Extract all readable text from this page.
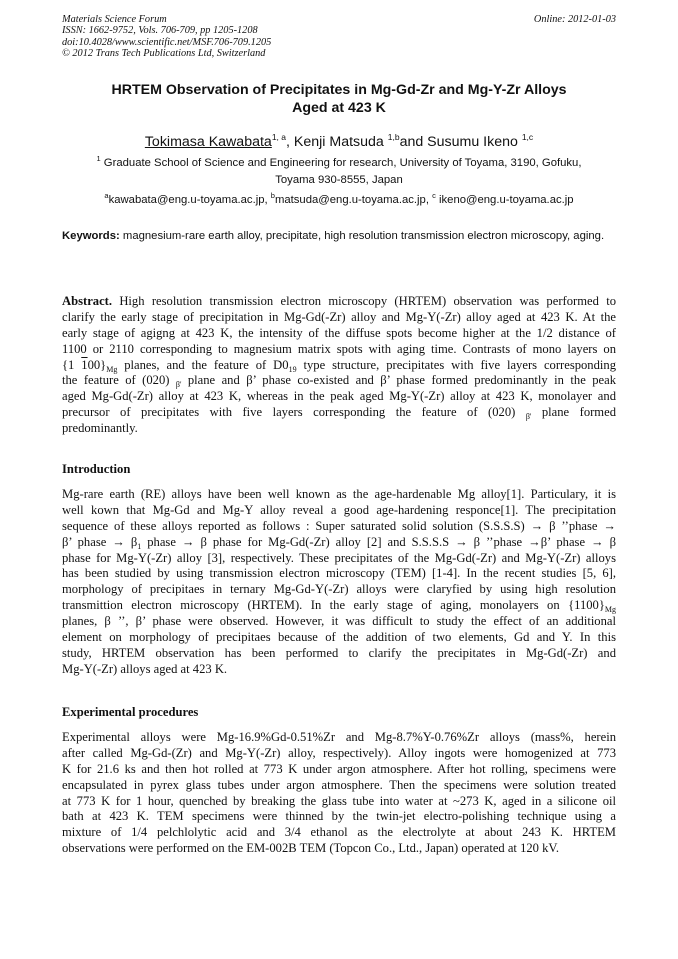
Online: 2012-01-03
Materials Science Forum
ISSN: 1662-9752, Vols. 706-709, pp 1205-1208
doi:10.4028/www.scientific.net/MSF.706-709.1205
© 2012 Trans Tech Publications Ltd, Switzerland
HRTEM Observation of Precipitates in Mg-Gd-Zr and Mg-Y-Zr Alloys
Aged at 423 K
Tokimasa Kawabata$^{1, a}$, Kenji Matsuda $^{1,b}$and Susumu Ikeno $^{1,c}$
$^1$ Graduate School of Science and Engineering for research, University of Toyama, 3190, Gofuku,
Toyama 930-8555, Japan
$^a$kawabata@eng.u-toyama.ac.jp, $^b$matsuda@eng.u-toyama.ac.jp, $^c$ ikeno@eng.u-toyama.ac.jp
Keywords: magnesium-rare earth alloy, precipitate, high resolution transmission electron microscopy, aging.
Abstract. High resolution transmission electron microscopy (HRTEM) observation was performed to
clarify the early stage of precipitation in Mg-Gd(-Zr) alloy and Mg-Y(-Zr) alloy aged at 423 K. At the
early stage of agigng at 423 K, the intensity of the diffuse spots become higher at the 1/2 distance of
1100 or 2110 corresponding to magnesium matrix spots with aging time. Contrasts of mono layers on
{1 $100\}_{Mg}$ planes, and the feature of $D0_{19}$ type structure, precipitates with five layers corresponding
the feature of (020) $_{\beta'}$ plane and β’ phase co-existed and β’ phase formed predominantly in the peak
aged Mg-Gd(-Zr) alloy at 423 K, whereas in the peak aged Mg-Y(-Zr) alloy at 423 K, monolayer and
precursor of precipitates with five layers corresponding the feature of (020) $_{\beta'}$ plane formed
predominantly.
Introduction
Mg-rare earth (RE) alloys have been well known as the age-hardenable Mg alloy[1]. Particulary, it is
well kown that Mg-Gd and Mg-Y alloy reveal a good age-hardening responce[1]. The precipitation
sequence of these alloys reported as follows : Super saturated solid solution (S.S.S.S) → β ’’phase →
β’ phase → $\beta_1$ phase → β phase for Mg-Gd(-Zr) alloy [2] and S.S.S.S → β ’’phase →β’ phase → β
phase for Mg-Y(-Zr) alloy [3], respectively. These precipitates of the Mg-Gd(-Zr) and Mg-Y(-Zr) alloys
has been studied by using transmission electron microscopy (TEM) [1-4]. In the recent studies [5, 6],
morphology of precipitaes in ternary Mg-Gd-Y(-Zr) alloys were claryfied by using high resolution
transmittion electron microscopy (HRTEM). In the early stage of aging, monolayers on $\{1100\}_{Mg}$
planes, β ’’, β’ phase were observed. However, it was difficult to study the effect of an additional
element on morphology of precipitaes because of the addition of two elements, Gd and Y. In this
study, HRTEM observation has been performed to clarify the precipitates in Mg-Gd(-Zr) and
Mg-Y(-Zr) alloys aged at 423 K.
Experimental procedures
Experimental alloys were Mg-16.9%Gd-0.51%Zr and Mg-8.7%Y-0.76%Zr alloys (mass%, herein
after called Mg-Gd-(Zr) and Mg-Y(-Zr) alloy, respectively). Alloy ingots were homogenized at 773
K for 21.6 ks and then hot rolled at 773 K under argon atmosphere. After hot rolling, specimens were
encapsulated in pyrex glass tubes under argon atmosphere. Then the specimens were solution treated
at 773 K for 1 hour, quenched by breaking the glass tube into water at ~273 K, aged in a silicone oil
bath at 423 K. TEM specimens were thinned by the twin-jet electro-polishing technique using a
mixture of 1/4 pelchlolytic acid and 3/4 ethanol as the electrolyte at about 243 K. HRTEM
observations were performed on the EM-002B TEM (Topcon Co., Ltd., Japan) operated at 120 kV.
